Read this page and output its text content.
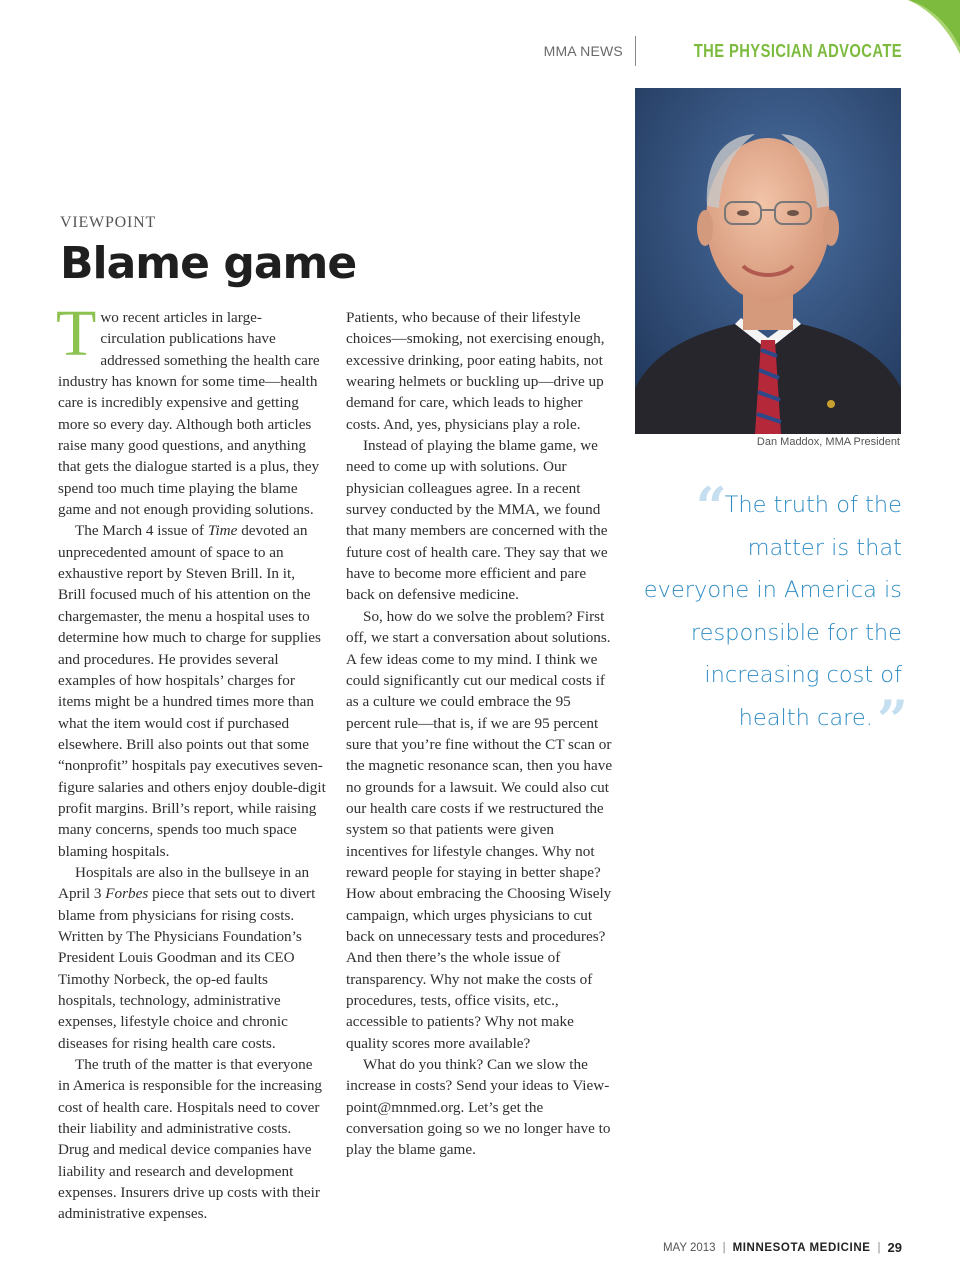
MMA NEWS	THE PHYSICIAN ADVOCATE
VIEWPOINT
Blame game

Two recent articles in large-circulation publications have addressed something the health care industry has known for some time—health care is incredibly expensive and getting more so every day. Although both articles raise many good questions, and anything that gets the dialogue started is a plus, they spend too much time playing the blame game and not enough providing solutions.

The March 4 issue of Time devoted an unprecedented amount of space to an exhaustive report by Steven Brill. In it, Brill focused much of his attention on the chargemaster, the menu a hospital uses to determine how much to charge for supplies and procedures. He provides several examples of how hospitals’ charges for items might be a hundred times more than what the item would cost if purchased elsewhere. Brill also points out that some “nonprofit” hospitals pay executives seven-figure salaries and others enjoy double-digit profit margins. Brill’s report, while raising many concerns, spends too much space blaming hospitals.

Hospitals are also in the bullseye in an April 3 Forbes piece that sets out to divert blame from physicians for rising costs. Written by The Physicians Foundation’s President Louis Goodman and its CEO Timothy Norbeck, the op-ed faults hospitals, technology, administrative expenses, lifestyle choice and chronic diseases for rising health care costs.

The truth of the matter is that everyone in America is responsible for the increasing cost of health care. Hospitals need to cover their liability and administrative costs. Drug and medical device companies have liability and research and development expenses. Insurers drive up costs with their administrative expenses.

Patients, who because of their lifestyle choices—smoking, not exercising enough, excessive drinking, poor eating habits, not wearing helmets or buckling up—drive up demand for care, which leads to higher costs. And, yes, physicians play a role.

Instead of playing the blame game, we need to come up with solutions. Our physician colleagues agree. In a recent survey conducted by the MMA, we found that many members are concerned with the future cost of health care. They say that we have to become more efficient and pare back on defensive medicine.

So, how do we solve the problem? First off, we start a conversation about solutions. A few ideas come to my mind. I think we could significantly cut our medical costs if as a culture we could embrace the 95 percent rule—that is, if we are 95 percent sure that you’re fine without the CT scan or the magnetic resonance scan, then you have no grounds for a lawsuit. We could also cut our health care costs if we restructured the system so that patients were given incentives for lifestyle changes. Why not reward people for staying in better shape? How about embracing the Choosing Wisely campaign, which urges physicians to cut back on unnecessary tests and procedures? And then there’s the whole issue of transparency. Why not make the costs of procedures, tests, office visits, etc., accessible to patients? Why not make quality scores more available?

What do you think? Can we slow the increase in costs? Send your ideas to Viewpoint@mnmed.org. Let’s get the conversation going so we no longer have to play the blame game.

Dan Maddox, MMA President
“ The truth of the matter is that everyone in America is responsible for the increasing cost of health care.”
MAY 2013 | MINNESOTA MEDICINE | 29
